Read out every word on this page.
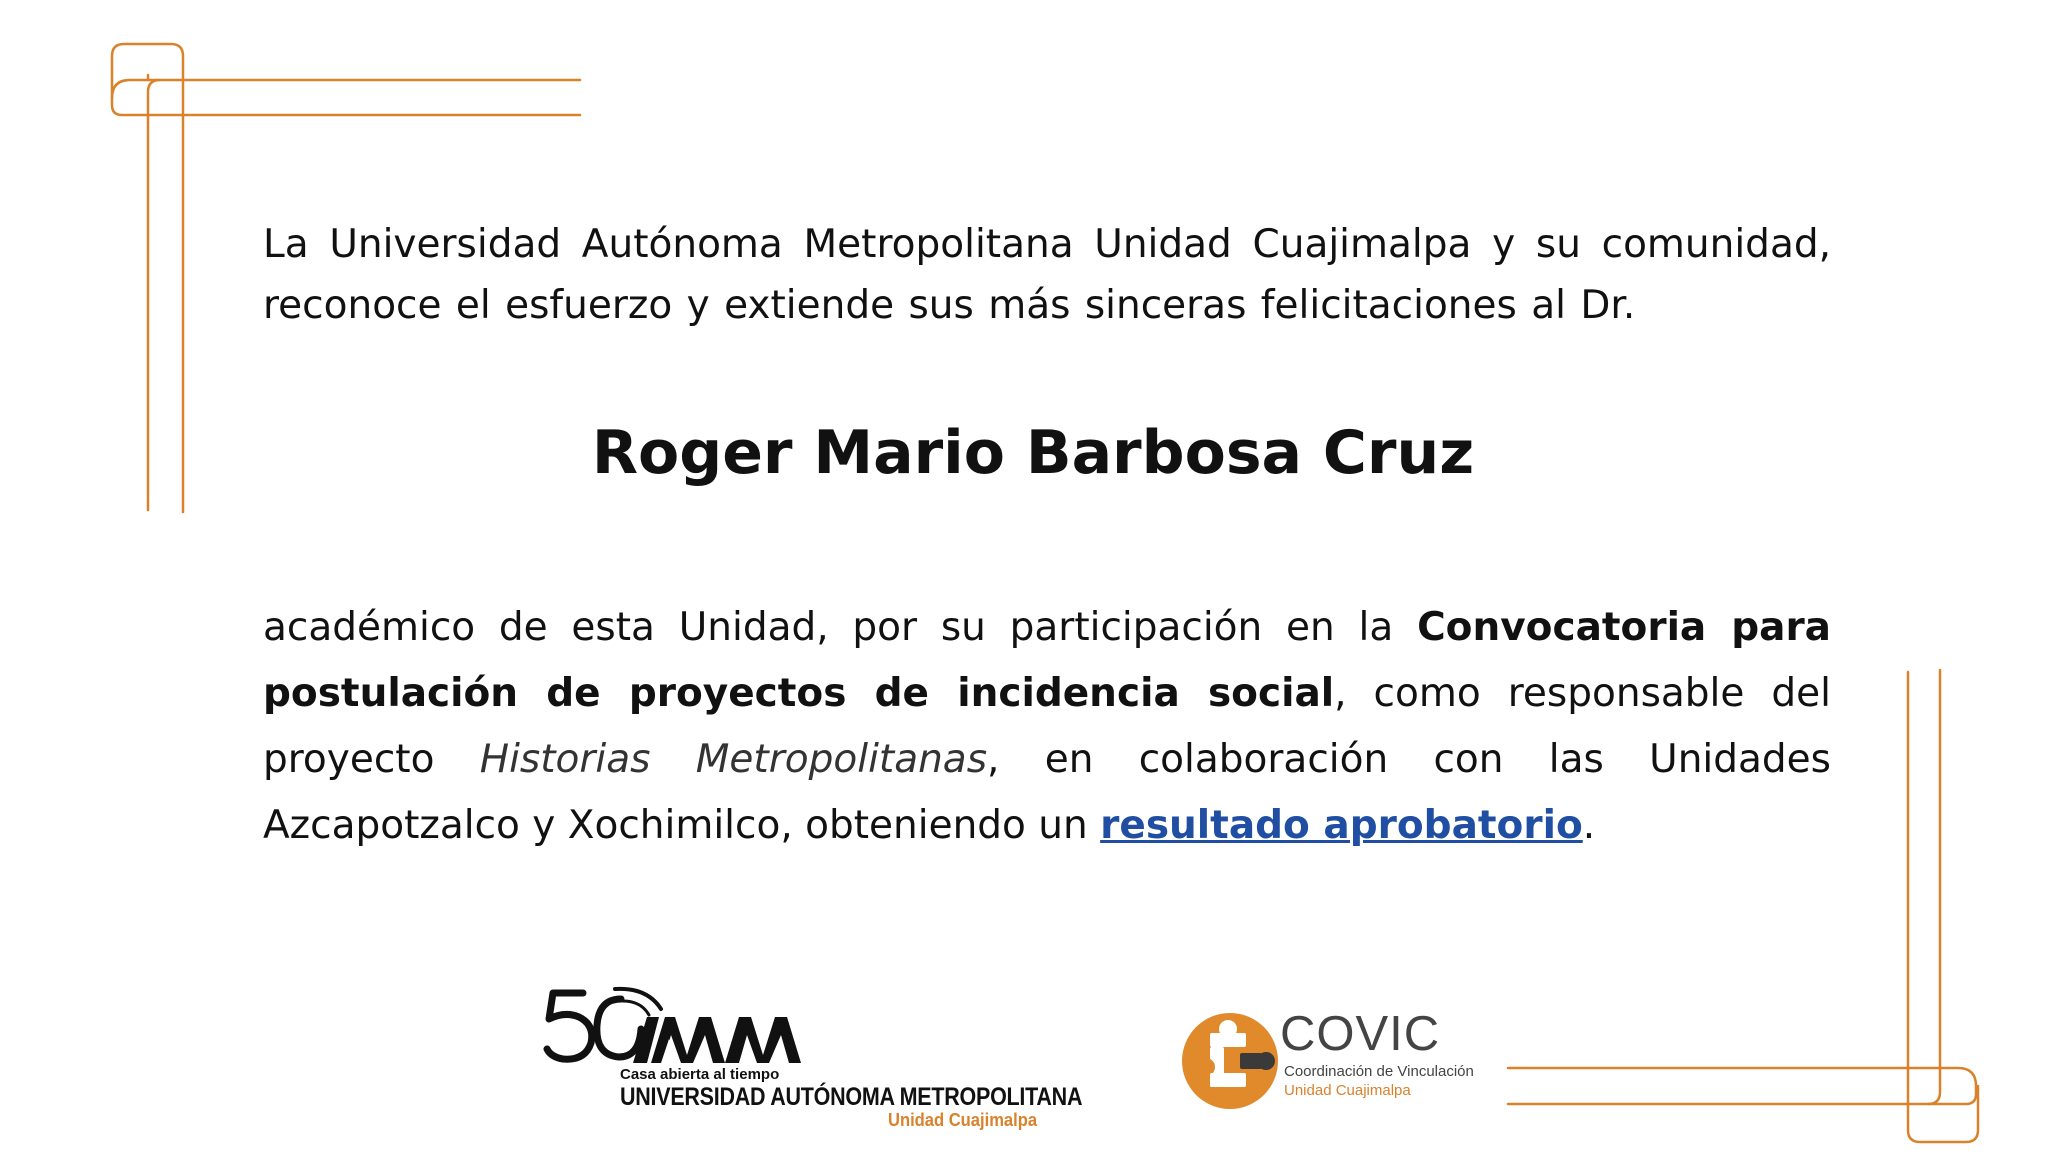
La Universidad Autónoma Metropolitana Unidad Cuajimalpa y su comunidad, reconoce el esfuerzo y extiende sus más sinceras felicitaciones al Dr.

Roger Mario Barbosa Cruz

académico de esta Unidad, por su participación en la Convocatoria para postulación de proyectos de incidencia social, como responsable del proyecto Historias Metropolitanas, en colaboración con las Unidades Azcapotzalco y Xochimilco, obteniendo un resultado aprobatorio.

Casa abierta al tiempo
UNIVERSIDAD AUTÓNOMA METROPOLITANA
Unidad Cuajimalpa
COVIC
Coordinación de Vinculación
Unidad Cuajimalpa
